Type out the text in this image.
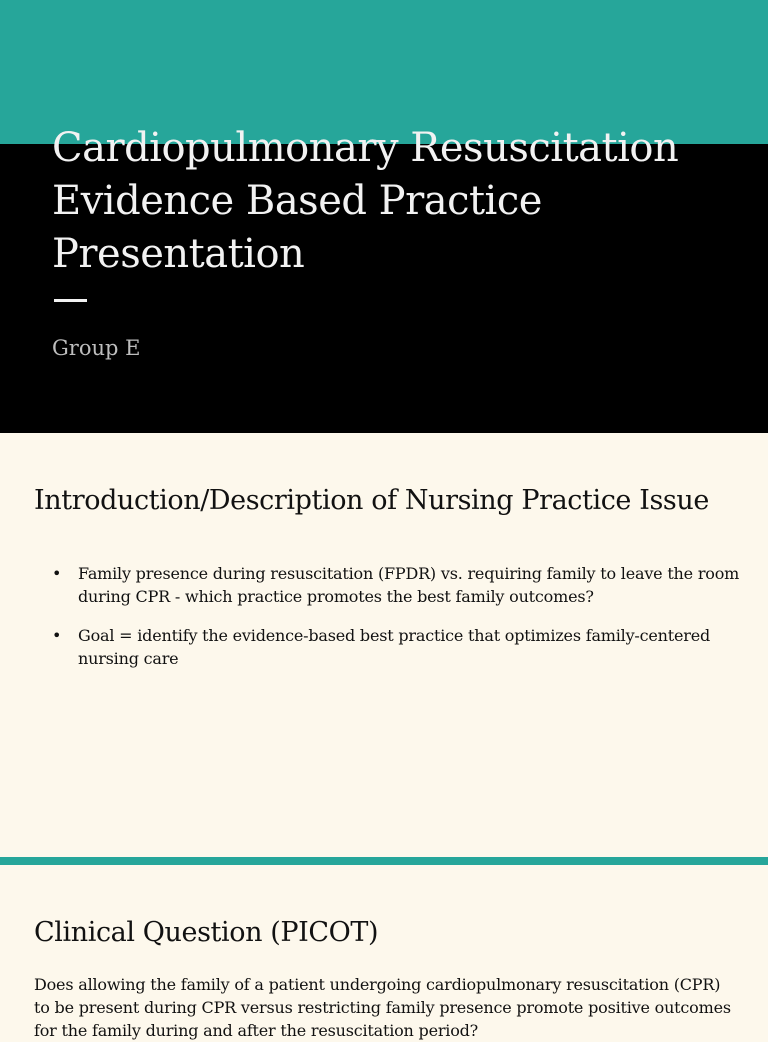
Cardiopulmonary Resuscitation Evidence Based Practice Presentation

Group E

Introduction/Description of Nursing Practice Issue
• Family presence during resuscitation (FPDR) vs. requiring family to leave the room during CPR - which practice promotes the best family outcomes?
• Goal = identify the evidence-based best practice that optimizes family-centered nursing care
Clinical Question (PICOT)

Does allowing the family of a patient undergoing cardiopulmonary resuscitation (CPR) to be present during CPR versus restricting family presence promote positive outcomes for the family during and after the resuscitation period?
